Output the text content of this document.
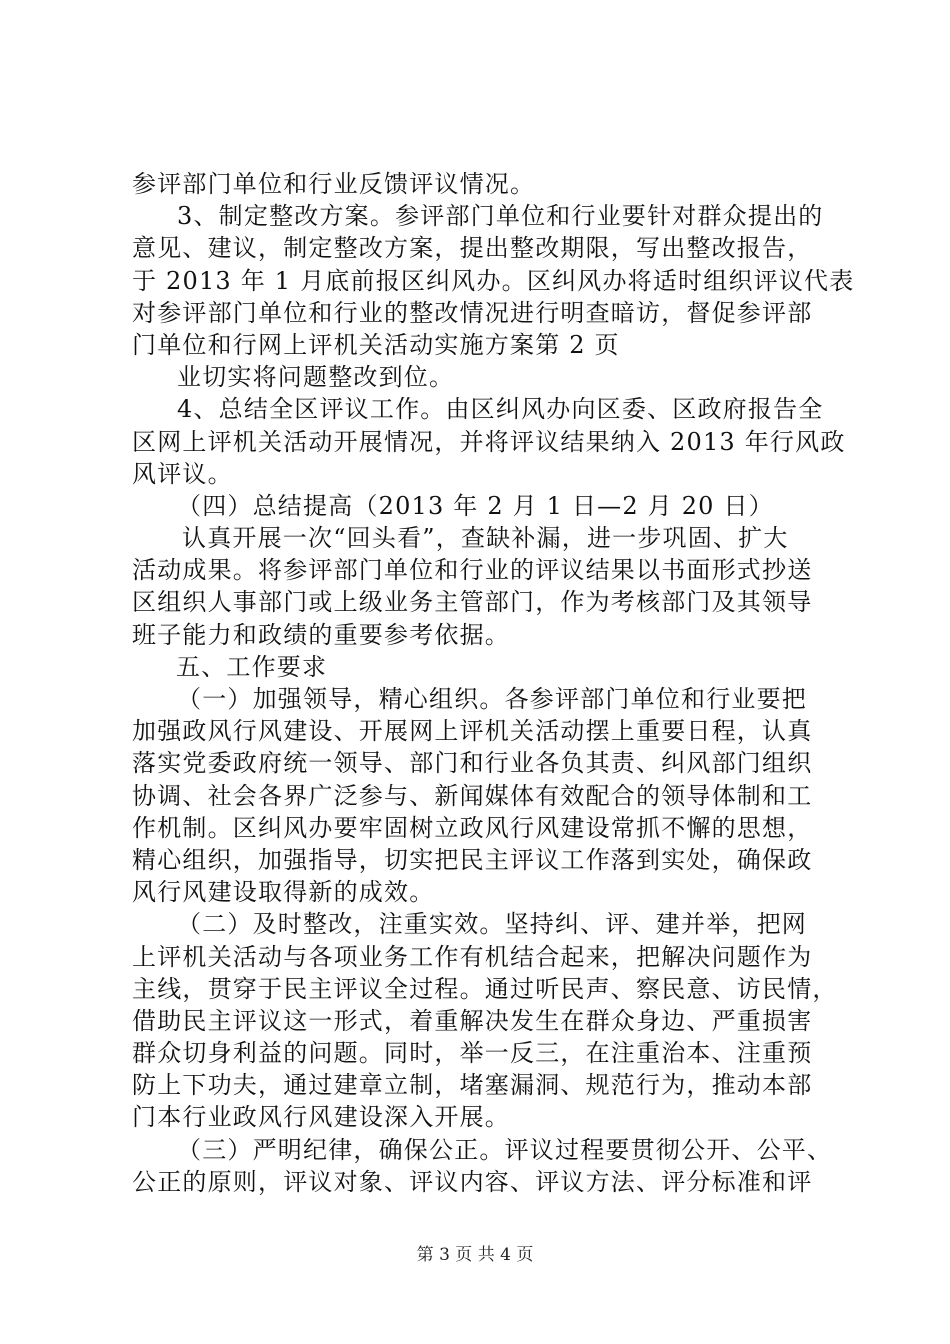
参评部门单位和行业反馈评议情况。
3、制定整改方案。参评部门单位和行业要针对群众提出的
意见、建议，制定整改方案，提出整改期限，写出整改报告，
于 2013 年 1 月底前报区纠风办。区纠风办将适时组织评议代表
对参评部门单位和行业的整改情况进行明查暗访，督促参评部
门单位和行网上评机关活动实施方案第 2 页
业切实将问题整改到位。
4、总结全区评议工作。由区纠风办向区委、区政府报告全
区网上评机关活动开展情况，并将评议结果纳入 2013 年行风政
风评议。
（四）总结提高（2013 年 2 月 1 日—2 月 20 日）
认真开展一次“回头看”，查缺补漏，进一步巩固、扩大
活动成果。将参评部门单位和行业的评议结果以书面形式抄送
区组织人事部门或上级业务主管部门，作为考核部门及其领导
班子能力和政绩的重要参考依据。
五、工作要求
（一）加强领导，精心组织。各参评部门单位和行业要把
加强政风行风建设、开展网上评机关活动摆上重要日程，认真
落实党委政府统一领导、部门和行业各负其责、纠风部门组织
协调、社会各界广泛参与、新闻媒体有效配合的领导体制和工
作机制。区纠风办要牢固树立政风行风建设常抓不懈的思想，
精心组织，加强指导，切实把民主评议工作落到实处，确保政
风行风建设取得新的成效。
（二）及时整改，注重实效。坚持纠、评、建并举，把网
上评机关活动与各项业务工作有机结合起来，把解决问题作为
主线，贯穿于民主评议全过程。通过听民声、察民意、访民情，
借助民主评议这一形式，着重解决发生在群众身边、严重损害
群众切身利益的问题。同时，举一反三，在注重治本、注重预
防上下功夫，通过建章立制，堵塞漏洞、规范行为，推动本部
门本行业政风行风建设深入开展。
（三）严明纪律，确保公正。评议过程要贯彻公开、公平、
公正的原则，评议对象、评议内容、评议方法、评分标准和评
第 3 页 共 4 页
